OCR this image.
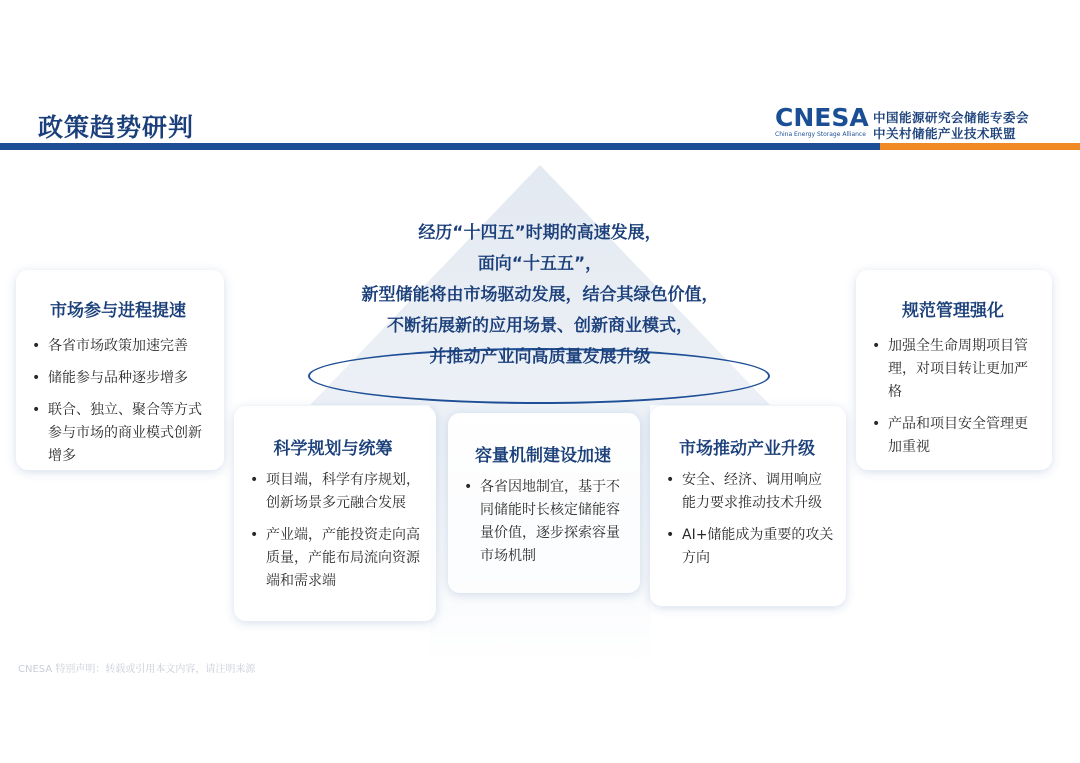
政策趋势研判	CNESA
China Energy Storage Alliance
中国能源研究会储能专委会
中关村储能产业技术联盟
经历“十四五”时期的高速发展，
面向“十五五”，
新型储能将由市场驱动发展，结合其绿色价值，
不断拓展新的应用场景、创新商业模式，
并推动产业向高质量发展升级
市场参与进程提速
• 各省市场政策加速完善
• 储能参与品种逐步增多
• 联合、独立、聚合等方式参与市场的商业模式创新增多	科学规划与统筹
• 项目端，科学有序规划，创新场景多元融合发展
• 产业端，产能投资走向高质量，产能布局流向资源端和需求端
容量机制建设加速
• 各省因地制宜，基于不同储能时长核定储能容量价值，逐步探索容量市场机制
市场推动产业升级
• 安全、经济、调用响应能力要求推动技术升级
• AI+储能成为重要的攻关方向
规范管理强化
• 加强全生命周期项目管理，对项目转让更加严格
• 产品和项目安全管理更加重视
CNESA 特别声明：转载或引用本文内容，请注明来源
